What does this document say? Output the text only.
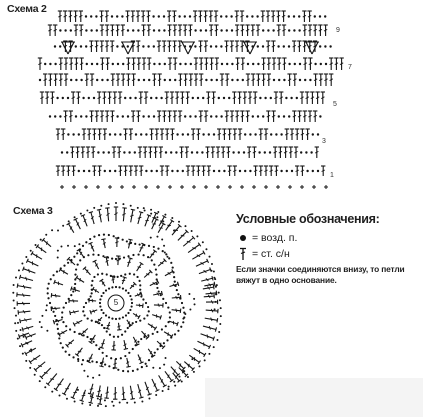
Схема 2
9
7
5
3
1
Схема 3
5
Условные обозначения:
= возд. п.
= ст. с/н
Если значки соединяются внизу, то петли вяжут в одно основание.
